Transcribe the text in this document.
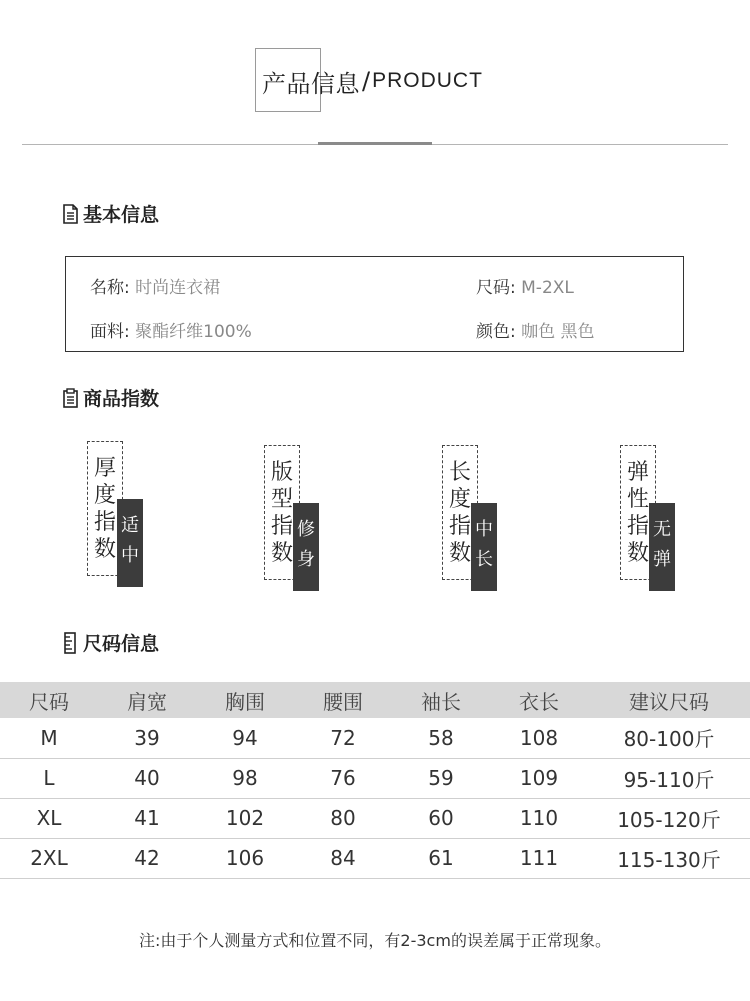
产品信息 / PRODUCT
基本信息
名称: 时尚连衣裙	尺码: M-2XL
面料: 聚酯纤维100%	颜色: 咖色 黑色
商品指数
厚度指数
适中
版型指数
修身
长度指数
中长
弹性指数
无弹
尺码信息
尺码	肩宽	胸围	腰围	袖长	衣长	建议尺码
M	39	94	72	58	108	80-100斤
L	40	98	76	59	109	95-110斤
XL	41	102	80	60	110	105-120斤
2XL	42	106	84	61	111	115-130斤
注:由于个人测量方式和位置不同，有2-3cm的误差属于正常现象。
